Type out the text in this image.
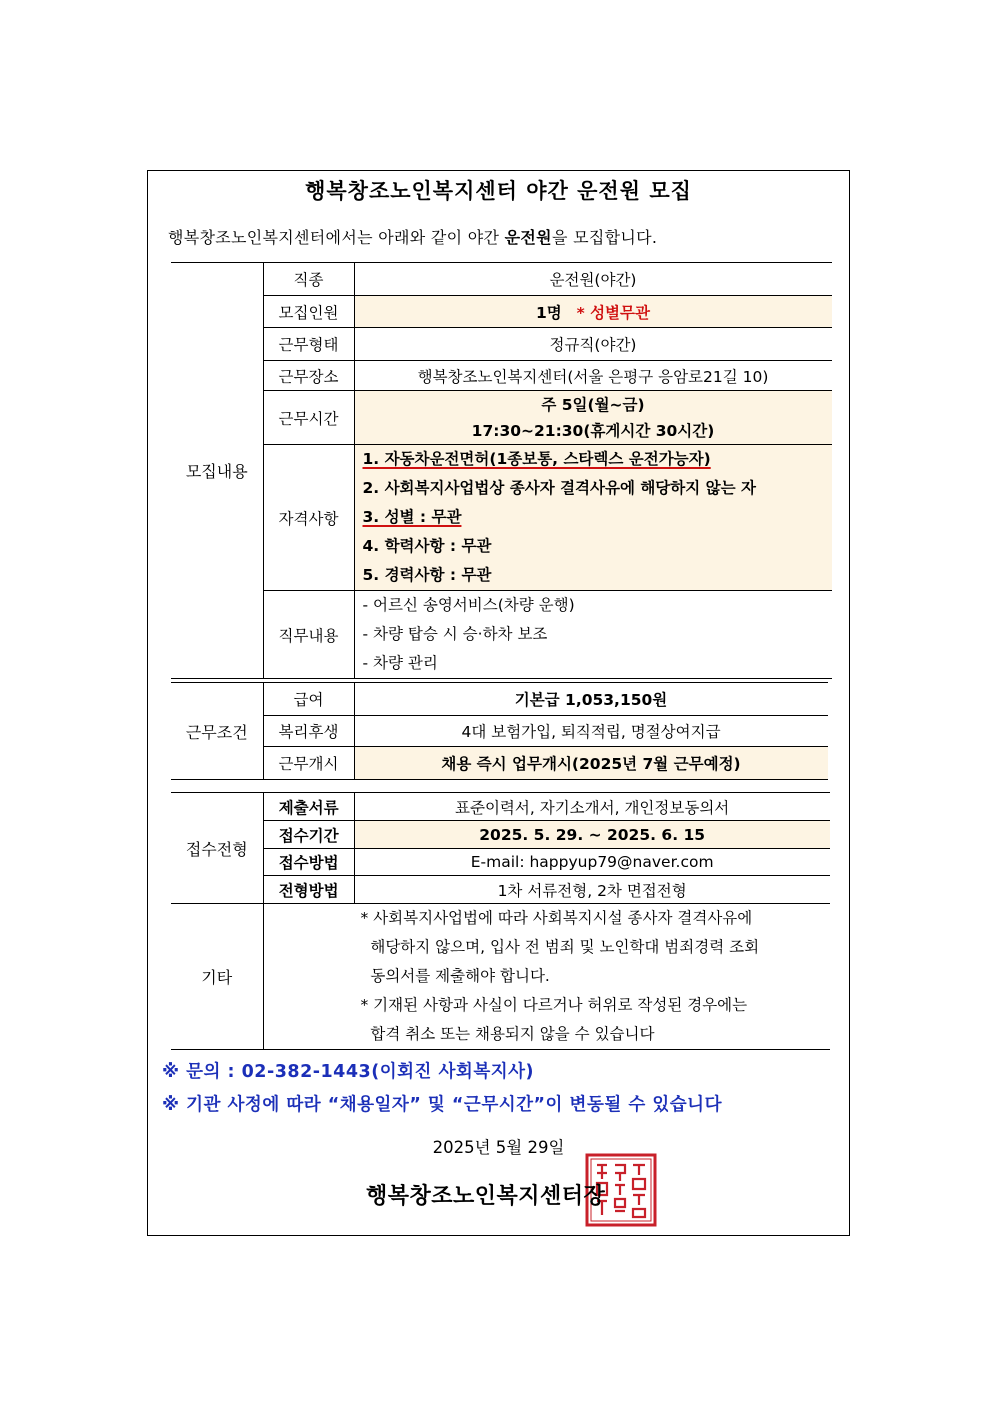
행복창조노인복지센터 야간 운전원 모집
행복창조노인복지센터에서는 아래와 같이 야간 운전원을 모집합니다.
모집내용	직종	운전원(야간)
	모집인원	1명 * 성별무관
	근무형태	정규직(야간)
	근무장소	행복창조노인복지센터(서울 은평구 응암로21길 10)
	근무시간	주 5일(월~금)
17:30~21:30(휴게시간 30시간)

	자격사항	1. 자동차운전면허(1종보통, 스타렉스 운전가능자)
2. 사회복지사업법상 종사자 결격사유에 해당하지 않는 자
3. 성별 : 무관
4. 학력사항 : 무관
5. 경력사항 : 무관

	직무내용	- 어르신 송영서비스(차량 운행)
- 차량 탑승 시 승·하차 보조
- 차량 관리
근무조건	급여	기본급 1,053,150원
	복리후생	4대 보험가입, 퇴직적립, 명절상여지급
	근무개시	채용 즉시 업무개시(2025년 7월 근무예정)
접수전형	제출서류	표준이력서, 자기소개서, 개인정보동의서
	접수기간	2025. 5. 29. ~ 2025. 6. 15
	접수방법	E-mail: happyup79@naver.com
	전형방법	1차 서류전형, 2차 면접전형
기타	* 사회복지사업법에 따라 사회복지시설 종사자 결격사유에
해당하지 않으며, 입사 전 범죄 및 노인학대 범죄경력 조회
동의서를 제출해야 합니다.
* 기재된 사항과 사실이 다르거나 허위로 작성된 경우에는
합격 취소 또는 채용되지 않을 수 있습니다	
※ 문의 : 02-382-1443(이회진 사회복지사)
※ 기관 사정에 따라 “채용일자” 및 “근무시간”이 변동될 수 있습니다
2025년 5월 29일
행복창조노인복지센터장
